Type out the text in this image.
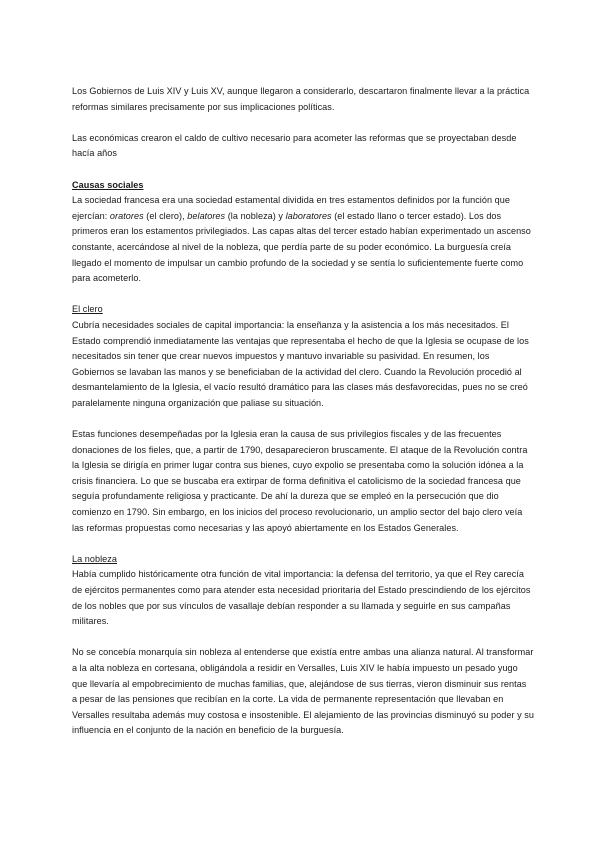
Los Gobiernos de Luis XIV y Luis XV, aunque llegaron a considerarlo, descartaron finalmente llevar a la práctica reformas similares precisamente por sus implicaciones políticas.

Las económicas crearon el caldo de cultivo necesario para acometer las reformas que se proyectaban desde hacía años

Causas sociales

La sociedad francesa era una sociedad estamental dividida en tres estamentos definidos por la función que ejercían: oratores (el clero), belatores (la nobleza) y laboratores (el estado llano o tercer estado). Los dos primeros eran los estamentos privilegiados. Las capas altas del tercer estado habían experimentado un ascenso constante, acercándose al nivel de la nobleza, que perdía parte de su poder económico. La burguesía creía llegado el momento de impulsar un cambio profundo de la sociedad y se sentía lo suficientemente fuerte como para acometerlo.

El clero

Cubría necesidades sociales de capital importancia: la enseñanza y la asistencia a los más necesitados. El Estado comprendió inmediatamente las ventajas que representaba el hecho de que la Iglesia se ocupase de los necesitados sin tener que crear nuevos impuestos y mantuvo invariable su pasividad. En resumen, los Gobiernos se lavaban las manos y se beneficiaban de la actividad del clero. Cuando la Revolución procedió al desmantelamiento de la Iglesia, el vacío resultó dramático para las clases más desfavorecidas, pues no se creó paralelamente ninguna organización que paliase su situación.

Estas funciones desempeñadas por la Iglesia eran la causa de sus privilegios fiscales y de las frecuentes donaciones de los fieles, que, a partir de 1790, desaparecieron bruscamente. El ataque de la Revolución contra la Iglesia se dirigía en primer lugar contra sus bienes, cuyo expolio se presentaba como la solución idónea a la crisis financiera. Lo que se buscaba era extirpar de forma definitiva el catolicismo de la sociedad francesa que seguía profundamente religiosa y practicante. De ahí la dureza que se empleó en la persecución que dio comienzo en 1790. Sin embargo, en los inicios del proceso revolucionario, un amplio sector del bajo clero veía las reformas propuestas como necesarias y las apoyó abiertamente en los Estados Generales.

La nobleza

Había cumplido históricamente otra función de vital importancia: la defensa del territorio, ya que el Rey carecía de ejércitos permanentes como para atender esta necesidad prioritaria del Estado prescindiendo de los ejércitos de los nobles que por sus vínculos de vasallaje debían responder a su llamada y seguirle en sus campañas militares.

No se concebía monarquía sin nobleza al entenderse que existía entre ambas una alianza natural. Al transformar a la alta nobleza en cortesana, obligándola a residir en Versalles, Luis XIV le había impuesto un pesado yugo que llevaría al empobrecimiento de muchas familias, que, alejándose de sus tierras, vieron disminuir sus rentas a pesar de las pensiones que recibían en la corte. La vida de permanente representación que llevaban en Versalles resultaba además muy costosa e insostenible. El alejamiento de las provincias disminuyó su poder y su influencia en el conjunto de la nación en beneficio de la burguesía.
